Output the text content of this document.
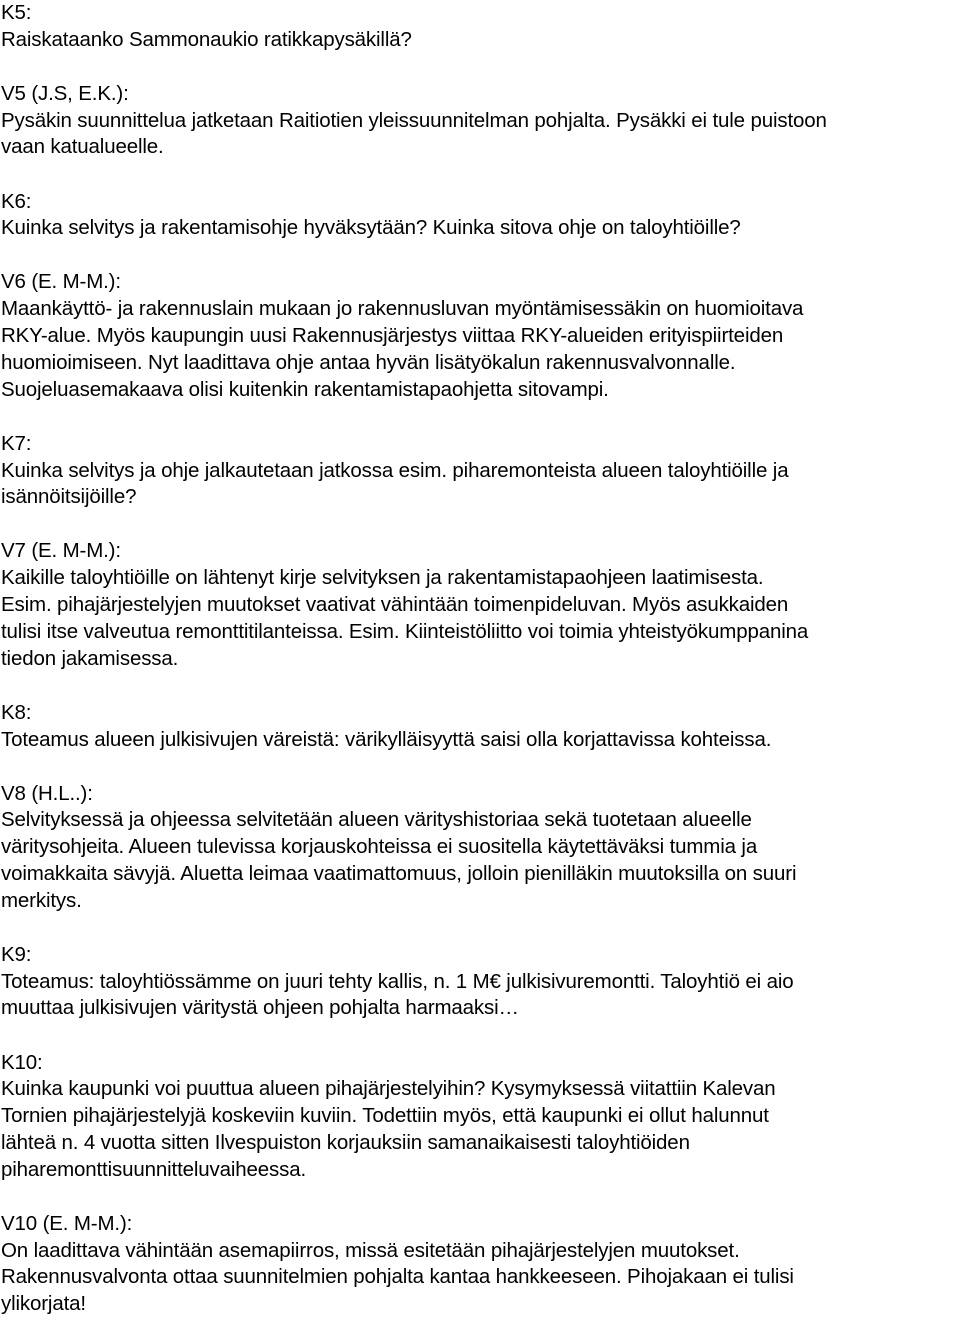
K5:
Raiskataanko Sammonaukio ratikkapysäkillä?
V5 (J.S, E.K.):
Pysäkin suunnittelua jatketaan Raitiotien yleissuunnitelman pohjalta. Pysäkki ei tule puistoon
vaan katualueelle.
K6:
Kuinka selvitys ja rakentamisohje hyväksytään? Kuinka sitova ohje on taloyhtiöille?
V6 (E. M-M.):
Maankäyttö- ja rakennuslain mukaan jo rakennusluvan myöntämisessäkin on huomioitava
RKY-alue. Myös kaupungin uusi Rakennusjärjestys viittaa RKY-alueiden erityispiirteiden
huomioimiseen. Nyt laadittava ohje antaa hyvän lisätyökalun rakennusvalvonnalle.
Suojeluasemakaava olisi kuitenkin rakentamistapaohjetta sitovampi.
K7:
Kuinka selvitys ja ohje jalkautetaan jatkossa esim. piharemonteista alueen taloyhtiöille ja
isännöitsijöille?
V7 (E. M-M.):
Kaikille taloyhtiöille on lähtenyt kirje selvityksen ja rakentamistapaohjeen laatimisesta.
Esim. pihajärjestelyjen muutokset vaativat vähintään toimenpideluvan. Myös asukkaiden
tulisi itse valveutua remonttitilanteissa. Esim. Kiinteistöliitto voi toimia yhteistyökumppanina
tiedon jakamisessa.
K8:
Toteamus alueen julkisivujen väreistä: värikylläisyyttä saisi olla korjattavissa kohteissa.
V8 (H.L..):
Selvityksessä ja ohjeessa selvitetään alueen värityshistoriaa sekä tuotetaan alueelle
väritysohjeita. Alueen tulevissa korjauskohteissa ei suositella käytettäväksi tummia ja
voimakkaita sävyjä. Aluetta leimaa vaatimattomuus, jolloin pienilläkin muutoksilla on suuri
merkitys.
K9:
Toteamus: taloyhtiössämme on juuri tehty kallis, n. 1 M€ julkisivuremontti. Taloyhtiö ei aio
muuttaa julkisivujen väritystä ohjeen pohjalta harmaaksi…
K10:
Kuinka kaupunki voi puuttua alueen pihajärjestelyihin? Kysymyksessä viitattiin Kalevan
Tornien pihajärjestelyjä koskeviin kuviin. Todettiin myös, että kaupunki ei ollut halunnut
lähteä n. 4 vuotta sitten Ilvespuiston korjauksiin samanaikaisesti taloyhtiöiden
piharemonttisuunnitteluvaiheessa.
V10 (E. M-M.):
On laadittava vähintään asemapiirros, missä esitetään pihajärjestelyjen muutokset.
Rakennusvalvonta ottaa suunnitelmien pohjalta kantaa hankkeeseen. Pihojakaan ei tulisi
ylikorjata!
